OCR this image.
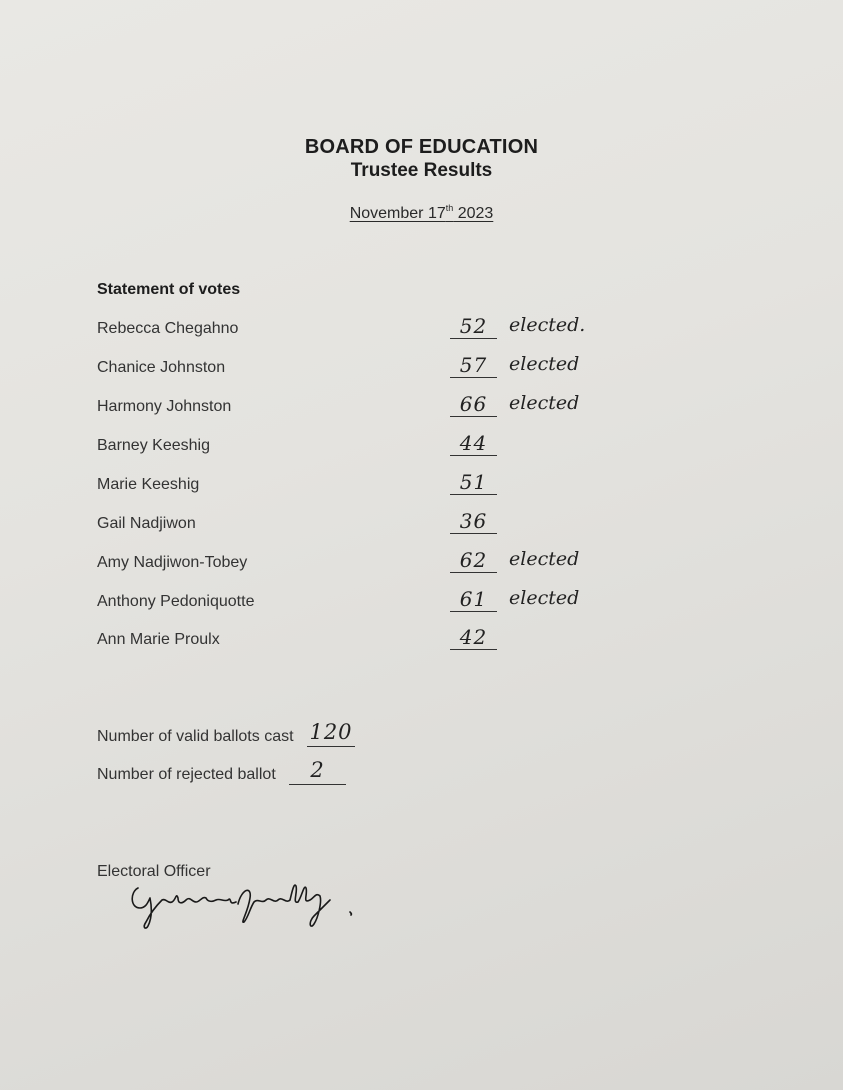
BOARD OF EDUCATION
Trustee Results
November 17th 2023
Statement of votes
Rebecca Chegahno	52	elected.
Chanice Johnston	57	elected
Harmony Johnston	66	elected
Barney Keeshig	44
Marie Keeshig	51
Gail Nadjiwon	36
Amy Nadjiwon-Tobey	62	elected
Anthony Pedoniquotte	61	elected
Ann Marie Proulx	42
Number of valid ballots cast 120
Number of rejected ballot	2
Electoral Officer
